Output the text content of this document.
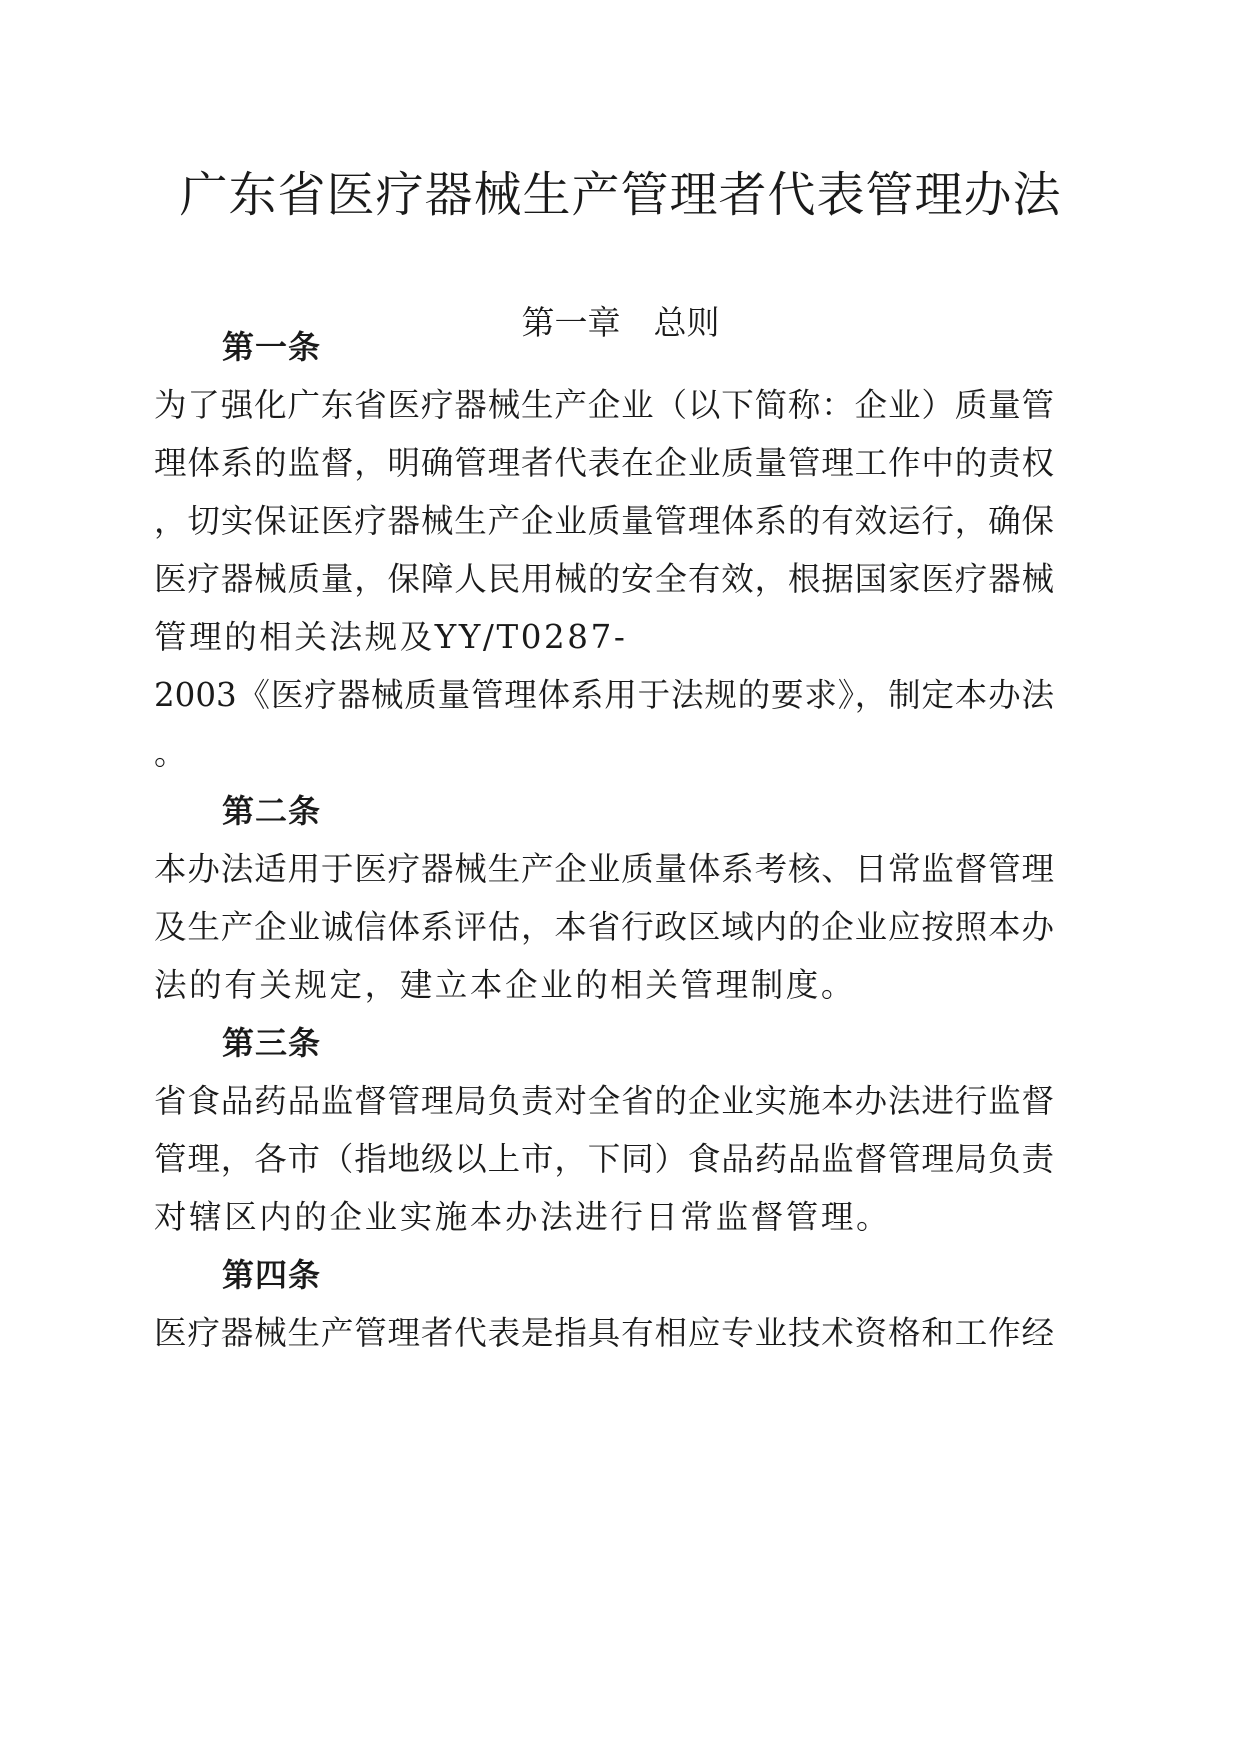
广东省医疗器械生产管理者代表管理办法
第一章　总则
第一条
为了强化广东省医疗器械生产企业（以下简称：企业）质量管
理体系的监督，明确管理者代表在企业质量管理工作中的责权
，切实保证医疗器械生产企业质量管理体系的有效运行，确保
医疗器械质量，保障人民用械的安全有效，根据国家医疗器械
管理的相关法规及YY/T0287-
2003《医疗器械质量管理体系用于法规的要求》，制定本办法
。
第二条
本办法适用于医疗器械生产企业质量体系考核、日常监督管理
及生产企业诚信体系评估，本省行政区域内的企业应按照本办
法的有关规定，建立本企业的相关管理制度。
第三条
省食品药品监督管理局负责对全省的企业实施本办法进行监督
管理，各市（指地级以上市，下同）食品药品监督管理局负责
对辖区内的企业实施本办法进行日常监督管理。
第四条
医疗器械生产管理者代表是指具有相应专业技术资格和工作经
